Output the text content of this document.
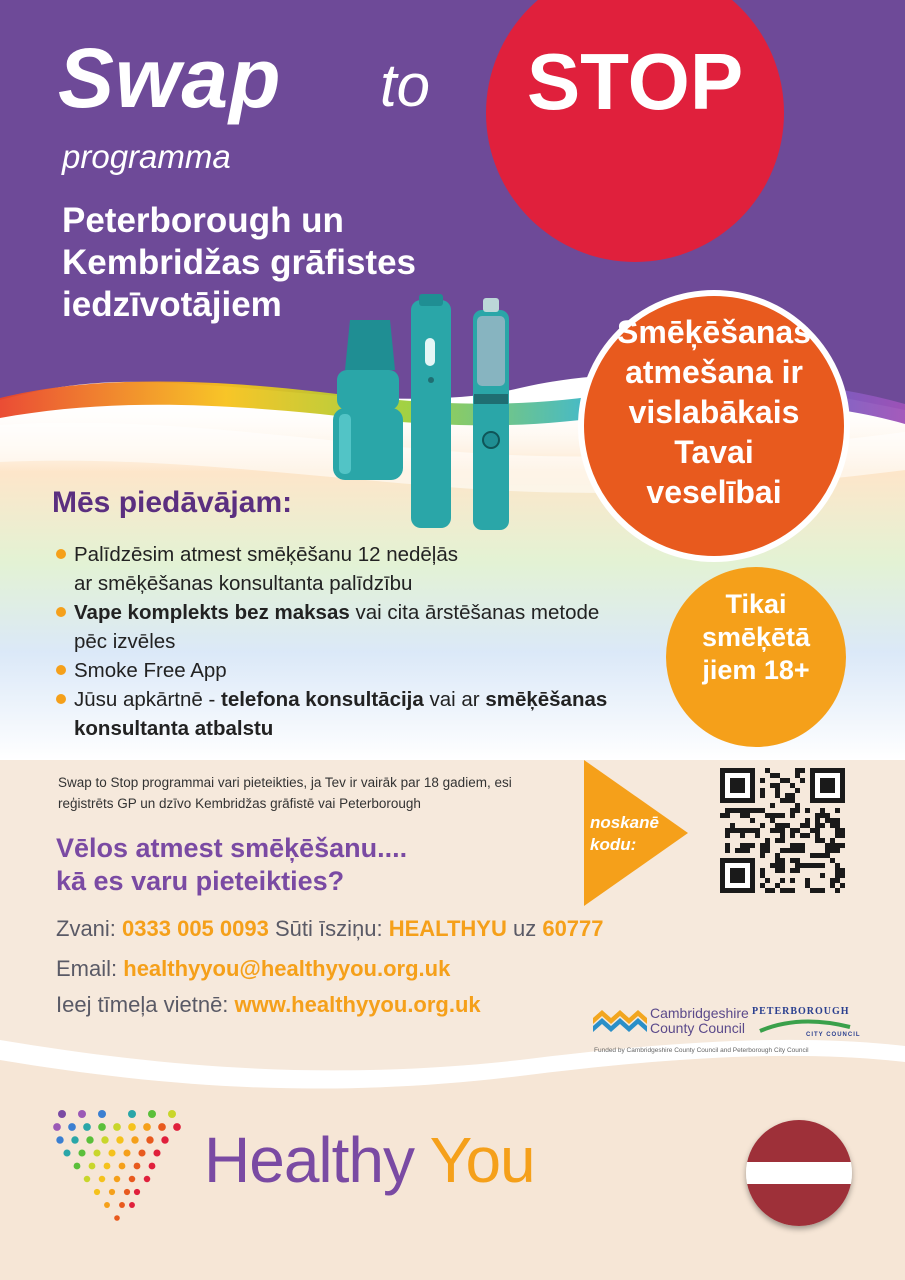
Swap to	STOP
programma
Peterborough un
Kembridžas grāfistes
iedzīvotājiem
Smēķēšanas
atmešana ir
vislabākais
Tavai
veselībai
Tikai
smēķētā
jiem 18+
Mēs piedāvājam:
Palīdzēsim atmest smēķēšanu 12 nedēļās
ar smēķēšanas konsultanta palīdzību
Vape komplekts bez maksas vai cita ārstēšanas metode
pēc izvēles
Smoke Free App
Jūsu apkārtnē - telefona konsultācija vai ar smēķēšanas
konsultanta atbalstu
Swap to Stop programmai vari pieteikties, ja Tev ir vairāk par 18 gadiem, esi
reģistrēts GP un dzīvo Kembridžas grāfistē vai Peterborough
Vēlos atmest smēķēšanu....
kā es varu pieteikties?
noskanē
kodu:
Zvani: 0333 005 0093 Sūti īsziņu: HEALTHYU uz 60777
Email: healthyyou@healthyyou.org.uk
Ieej tīmeļa vietnē: www.healthyyou.org.uk	Cambridgeshire
County Council
PETERBOROUGH
CITY COUNCIL
Funded by Cambridgeshire County Council and Peterborough City Council
Healthy You
